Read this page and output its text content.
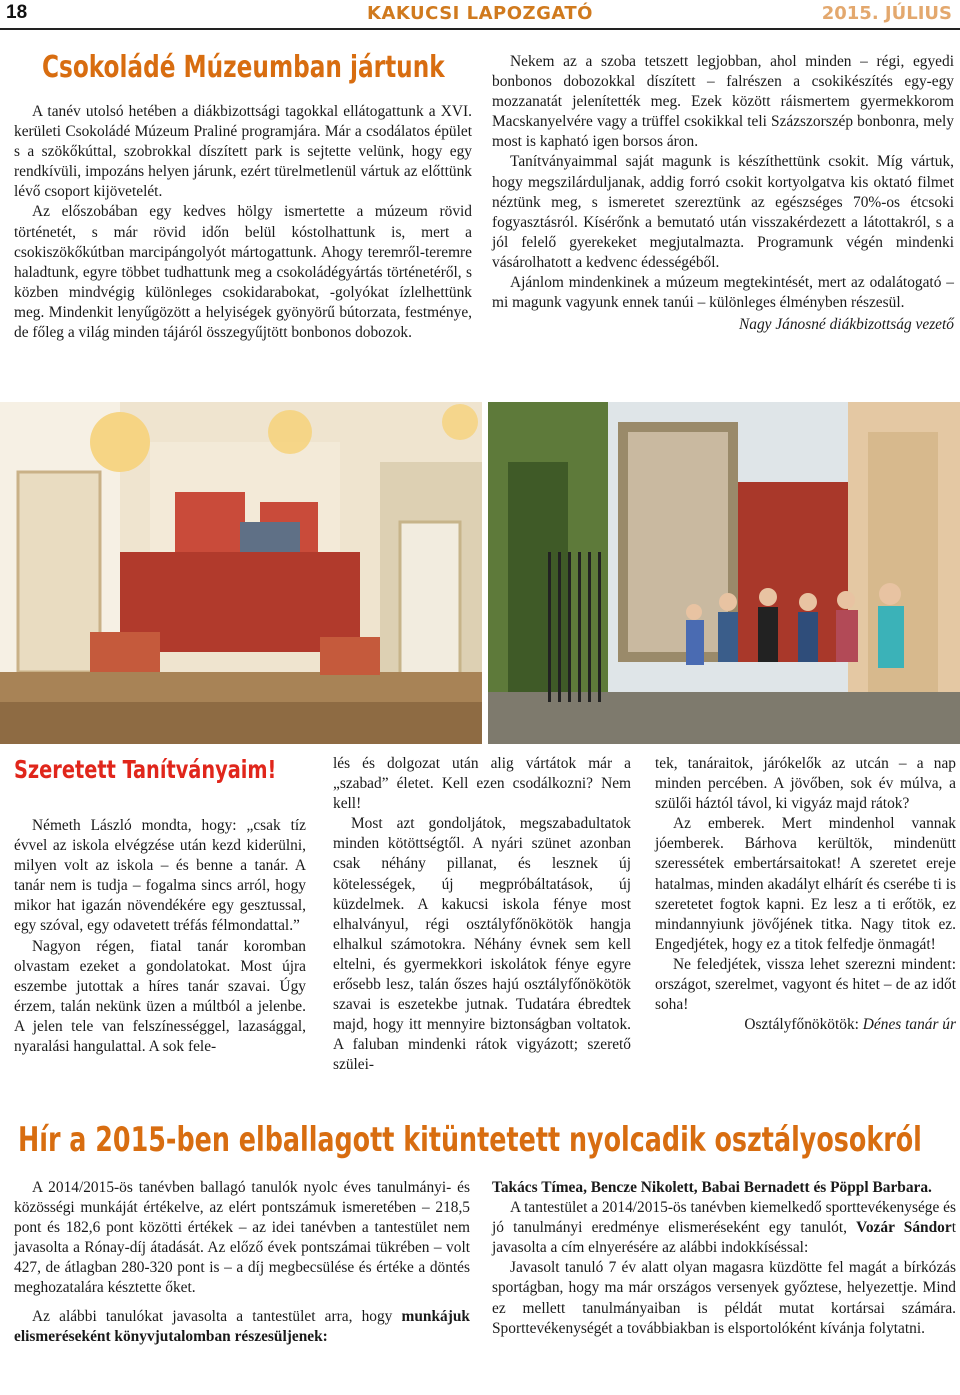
18	KAKUCSI LAPOZGATÓ	2015. JÚLIUS
Csokoládé Múzeumban jártunk

A tanév utolsó hetében a diákbizottsági tagokkal ellátogattunk a XVI. kerületi Csokoládé Múzeum Praliné programjára. Már a csodálatos épület s a szökőkúttal, szobrokkal díszített park is sejtette velünk, hogy egy rendkívüli, impozáns helyen járunk, ezért türelmetlenül vártuk az előttünk lévő csoport kijövetelét.

Az előszobában egy kedves hölgy ismertette a múzeum rövid történetét, s már rövid időn belül kóstolhattunk is, mert a csokiszökőkútban marcipángolyót mártogattunk. Ahogy teremről-teremre haladtunk, egyre többet tudhattunk meg a csokoládégyártás történetéről, s közben mindvégig különleges csokidarabokat, -golyókat ízlelhettünk meg. Mindenkit lenyűgözött a helyiségek gyönyörű bútorzata, festménye, de főleg a világ minden tájáról összegyűjtött bonbonos dobozok.

Nekem az a szoba tetszett legjobban, ahol minden – régi, egyedi bonbonos dobozokkal díszített – falrészen a csokikészítés egy-egy mozzanatát jelenítették meg. Ezek között ráismertem gyermekkorom Macskanyelvére vagy a trüffel csokikkal teli Százszorszép bonbonra, mely most is kapható igen borsos áron.

Tanítványaimmal saját magunk is készíthettünk csokit. Míg vártuk, hogy megszilárduljanak, addig forró csokit kortyolgatva kis oktató filmet néztünk meg, s ismeretet szereztünk az egészséges 70%-os étcsoki fogyasztásról. Kísérőnk a bemutató után visszakérdezett a látottakról, s a jól felelő gyerekeket megjutalmazta. Programunk végén mindenki vásárolhatott a kedvenc édességéből.

Ajánlom mindenkinek a múzeum megtekintését, mert az odalátogató – mi magunk vagyunk ennek tanúi – különleges élményben részesül.

Nagy Jánosné diákbizottság vezető

Szeretett Tanítványaim!

Németh László mondta, hogy: „csak tíz évvel az iskola elvégzése után kezd kiderülni, milyen volt az iskola – és benne a tanár. A tanár nem is tudja – fogalma sincs arról, hogy mikor hat igazán növendékére egy gesztussal, egy szóval, egy odavetett tréfás félmondattal.”

Nagyon régen, fiatal tanár koromban olvastam ezeket a gondolatokat. Most újra eszembe jutottak a híres tanár szavai. Úgy érzem, talán nekünk üzen a múltból a jelenbe. A jelen tele van felszínességgel, lazasággal, nyaralási hangulattal. A sok fele-

lés és dolgozat után alig vártátok már a „szabad” életet. Kell ezen csodálkozni? Nem kell!

Most azt gondoljátok, megszabadultatok minden kötöttségtől. A nyári szünet azonban csak néhány pillanat, és lesznek új kötelességek, új megpróbáltatások, új küzdelmek. A kakucsi iskola fénye most elhalványul, régi osztályfőnökötök hangja elhalkul számotokra. Néhány évnek sem kell eltelni, és gyermekkori iskolátok fénye egyre erősebb lesz, talán őszes hajú osztályfőnökötök szavai is eszetekbe jutnak. Tudatára ébredtek majd, hogy itt mennyire biztonságban voltatok. A faluban mindenki rátok vigyázott; szerető szülei-

tek, tanáraitok, járókelők az utcán – a nap minden percében. A jövőben, sok év múlva, a szülői háztól távol, ki vigyáz majd rátok?

Az emberek. Mert mindenhol vannak jóemberek. Bárhova kerültök, mindenütt szeressétek embertársaitokat! A szeretet ereje hatalmas, minden akadályt elhárít és cserébe ti is szeretetet fogtok kapni. Ez lesz a ti erőtök, ez mindannyiunk jövőjének titka. Nagy titok ez. Engedjétek, hogy ez a titok felfedje önmagát!

Ne feledjétek, vissza lehet szerezni mindent: országot, szerelmet, vagyont és hitet – de az időt soha!

Osztályfőnökötök: Dénes tanár úr

Hír a 2015-ben elballagott kitüntetett nyolcadik osztályosokról

A 2014/2015-ös tanévben ballagó tanulók nyolc éves tanulmányi- és közösségi munkáját értékelve, az elért pontszámuk ismeretében – 218,5 pont és 182,6 pont közötti értékek – az idei tanévben a tantestület nem javasolta a Rónay-díj átadását. Az előző évek pontszámai tükrében – volt 427, de átlagban 280-320 pont is – a díj megbecsülése és értéke a döntés meghozatalára késztette őket.

Az alábbi tanulókat javasolta a tantestület arra, hogy munkájuk elismeréseként könyvjutalomban részesüljenek:

Takács Tímea, Bencze Nikolett, Babai Bernadett és Pöppl Barbara.

A tantestület a 2014/2015-ös tanévben kiemelkedő sporttevékenysége és jó tanulmányi eredménye elismeréseként egy tanulót, Vozár Sándort javasolta a cím elnyerésére az alábbi indokkíséssal:

Javasolt tanuló 7 év alatt olyan magasra küzdötte fel magát a bírkózás sportágban, hogy ma már országos versenyek győztese, helyezettje. Mind ez mellett tanulmányaiban is példát mutat kortársai számára. Sporttevékenységét a továbbiakban is elsportolóként kívánja folytatni.
